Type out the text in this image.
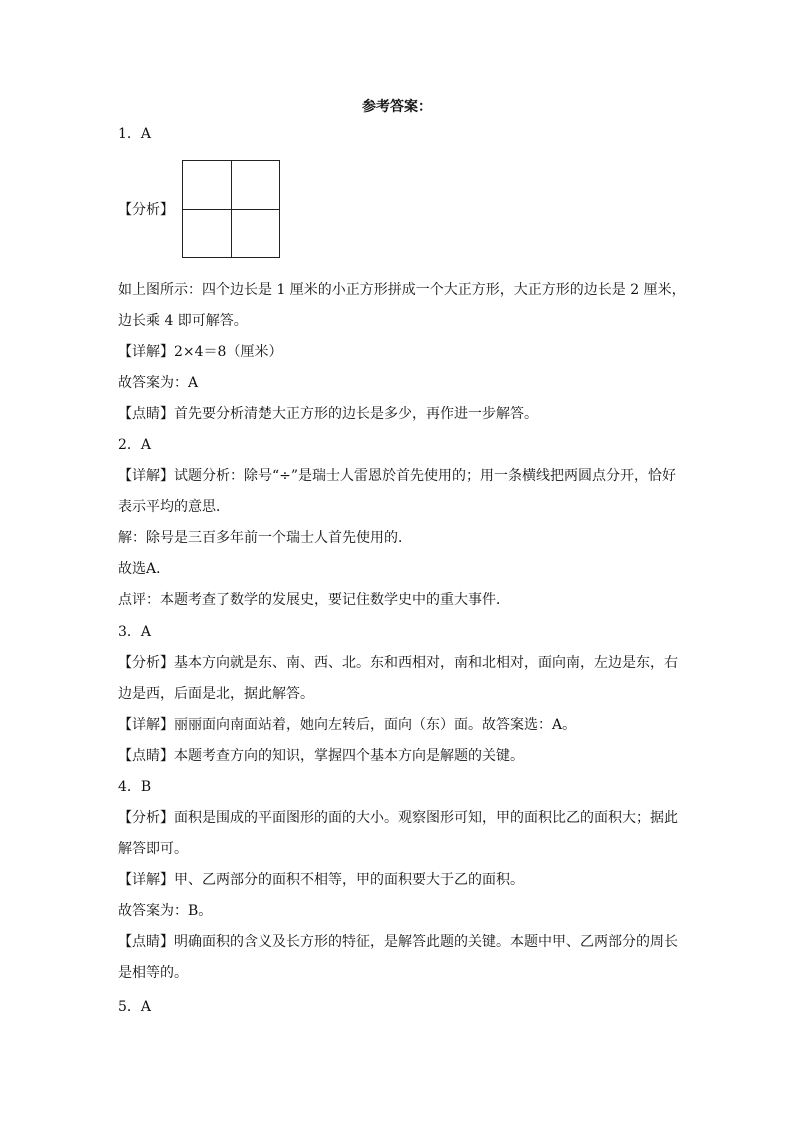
参考答案：
1．A
【分析】
如上图所示：四个边长是 1 厘米的小正方形拼成一个大正方形，大正方形的边长是 2 厘米，
边长乘 4 即可解答。
【详解】2×4＝8（厘米）
故答案为：A
【点睛】首先要分析清楚大正方形的边长是多少，再作进一步解答。
2．A
【详解】试题分析：除号“÷”是瑞士人雷恩於首先使用的；用一条横线把两圆点分开，恰好
表示平均的意思．
解：除号是三百多年前一个瑞士人首先使用的．
故选A．
点评：本题考查了数学的发展史，要记住数学史中的重大事件．
3．A
【分析】基本方向就是东、南、西、北。东和西相对，南和北相对，面向南，左边是东，右
边是西，后面是北，据此解答。
【详解】丽丽面向南面站着，她向左转后，面向（东）面。故答案选：A。
【点睛】本题考查方向的知识，掌握四个基本方向是解题的关键。
4．B
【分析】面积是围成的平面图形的面的大小。观察图形可知，甲的面积比乙的面积大；据此
解答即可。
【详解】甲、乙两部分的面积不相等，甲的面积要大于乙的面积。
故答案为：B。
【点睛】明确面积的含义及长方形的特征，是解答此题的关键。本题中甲、乙两部分的周长
是相等的。
5．A
